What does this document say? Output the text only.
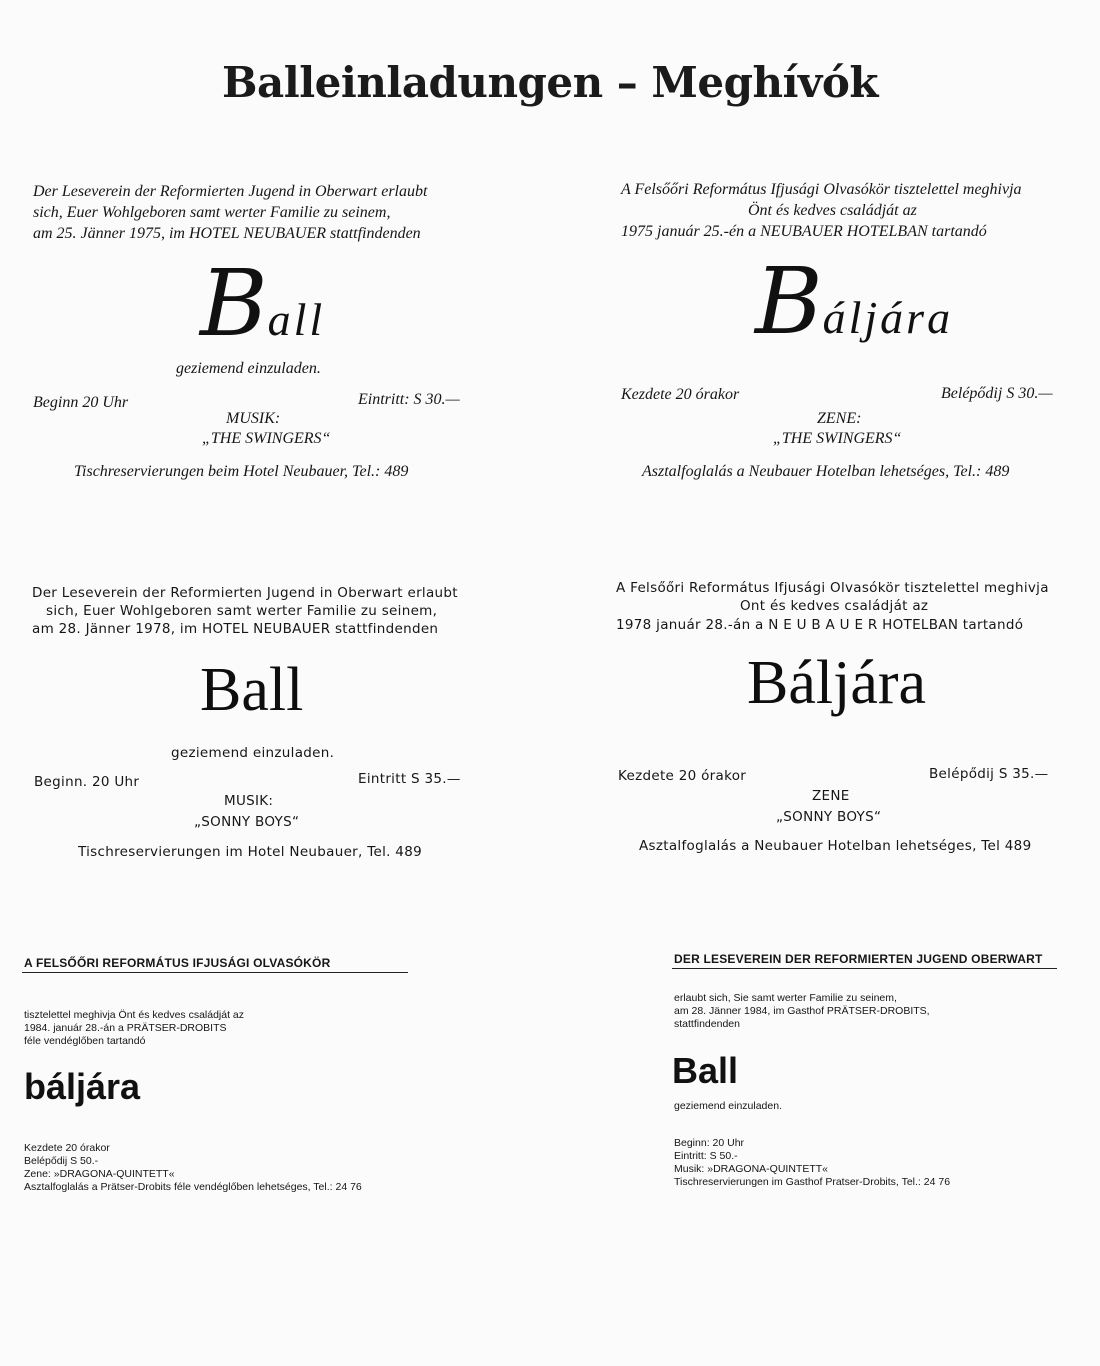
Balleinladungen – Meghívók
Der Leseverein der Reformierten Jugend in Oberwart erlaubt
sich, Euer Wohlgeboren samt werter Familie zu seinem,
am 25. Jänner 1975, im HOTEL NEUBAUER stattfindenden
Ball
geziemend einzuladen.
Beginn 20 Uhr	Eintritt: S 30.—
MUSIK:
„THE SWINGERS“
Tischreservierungen beim Hotel Neubauer, Tel.: 489
A Felsőőri Református Ifjusági Olvasókör tisztelettel meghivja
Önt és kedves családját az
1975 január 25.-én a NEUBAUER HOTELBAN tartandó
Báljára
Kezdete 20 órakor	Belépődij S 30.—
ZENE:
„THE SWINGERS“
Asztalfoglalás a Neubauer Hotelban lehetséges, Tel.: 489
Der Leseverein der Reformierten Jugend in Oberwart erlaubt
sich, Euer Wohlgeboren samt werter Familie zu seinem,
am 28. Jänner 1978, im HOTEL NEUBAUER stattfindenden
Ball
geziemend einzuladen.
Beginn. 20 Uhr	Eintritt S 35.—
MUSIK:
„SONNY BOYS“
Tischreservierungen im Hotel Neubauer, Tel. 489
A Felsőőri Református Ifjusági Olvasókör tisztelettel meghivja
Ont és kedves családját az
1978 január 28.-án a N E U B A U E R HOTELBAN tartandó
Báljára
Kezdete 20 órakor	Belépődij S 35.—
ZENE
„SONNY BOYS“
Asztalfoglalás a Neubauer Hotelban lehetséges, Tel 489
A FELSŐŐRI REFORMÁTUS IFJUSÁGI OLVASÓKÖR
tisztelettel meghivja Önt és kedves családját az
1984. január 28.-án a PRÄTSER-DROBITS
féle vendéglőben tartandó
báljára
Kezdete 20 órakor
Belépődij S 50.-
Zene: »DRAGONA-QUINTETT«
Asztalfoglalás a Prätser-Drobits féle vendéglőben lehetséges, Tel.: 24 76
DER LESEVEREIN DER REFORMIERTEN JUGEND OBERWART
erlaubt sich, Sie samt werter Familie zu seinem,
am 28. Jänner 1984, im Gasthof PRÄTSER-DROBITS,
stattfindenden
Ball
geziemend einzuladen.
Beginn: 20 Uhr
Eintritt: S 50.-
Musik: »DRAGONA-QUINTETT«
Tischreservierungen im Gasthof Pratser-Drobits, Tel.: 24 76
